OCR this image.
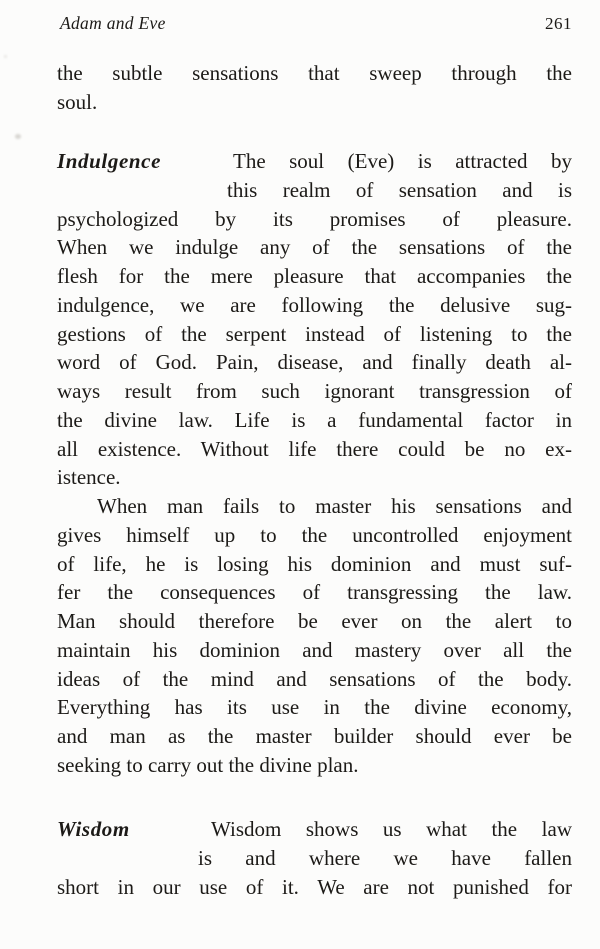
Adam and Eve	261
the subtle sensations that sweep through the
soul.
Indulgence	The soul (Eve) is attracted by
this realm of sensation and is
psychologized by its promises of pleasure.
When we indulge any of the sensations of the
flesh for the mere pleasure that accompanies the
indulgence, we are following the delusive sug-
gestions of the serpent instead of listening to the
word of God. Pain, disease, and finally death al-
ways result from such ignorant transgression of
the divine law. Life is a fundamental factor in
all existence. Without life there could be no ex-
istence.
When man fails to master his sensations and
gives himself up to the uncontrolled enjoyment
of life, he is losing his dominion and must suf-
fer the consequences of transgressing the law.
Man should therefore be ever on the alert to
maintain his dominion and mastery over all the
ideas of the mind and sensations of the body.
Everything has its use in the divine economy,
and man as the master builder should ever be
seeking to carry out the divine plan.
Wisdom	Wisdom shows us what the law
is and where we have fallen
short in our use of it. We are not punished for
